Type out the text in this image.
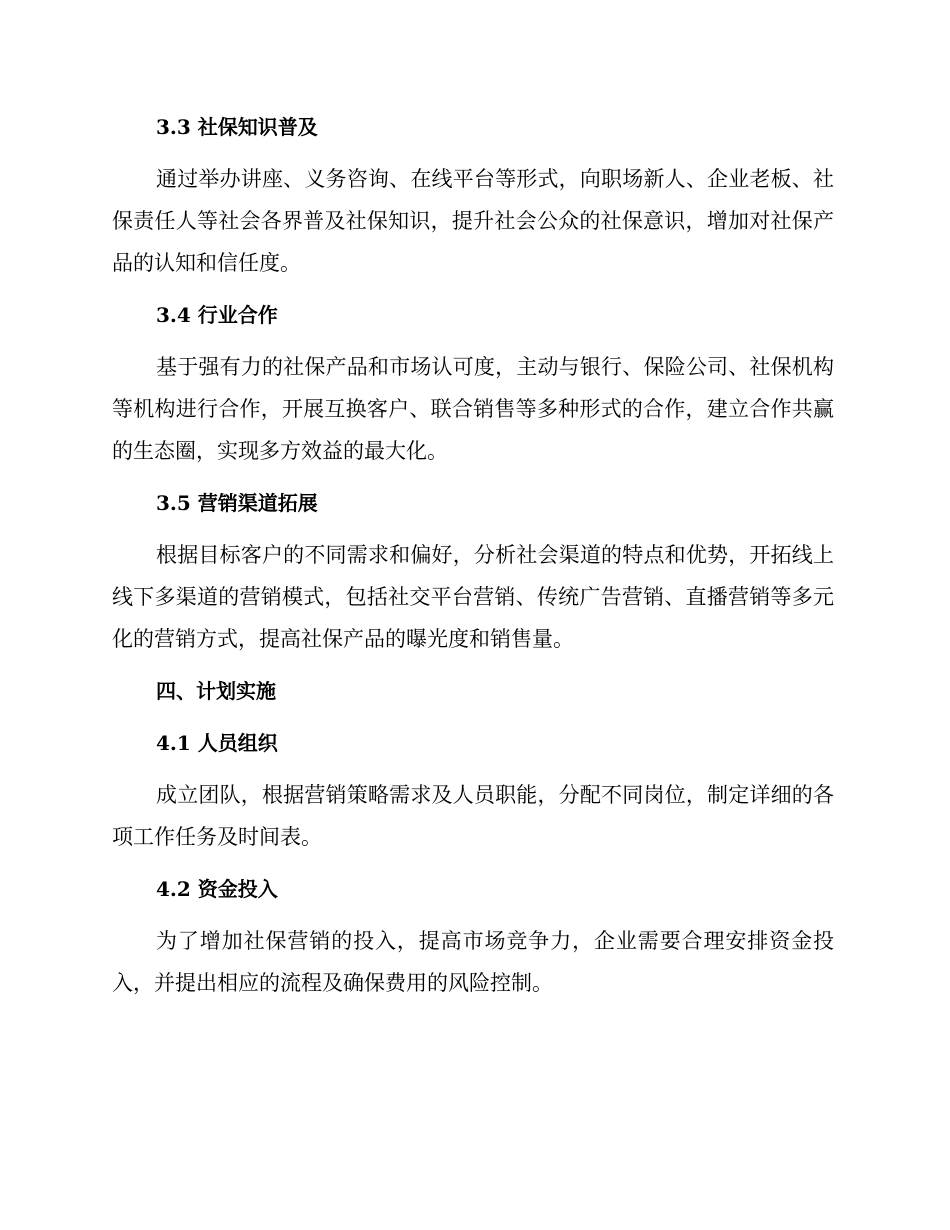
3.3 社保知识普及

通过举办讲座、义务咨询、在线平台等形式，向职场新人、企业老板、社保责任人等社会各界普及社保知识，提升社会公众的社保意识，增加对社保产品的认知和信任度。

3.4 行业合作

基于强有力的社保产品和市场认可度，主动与银行、保险公司、社保机构等机构进行合作，开展互换客户、联合销售等多种形式的合作，建立合作共赢的生态圈，实现多方效益的最大化。

3.5 营销渠道拓展

根据目标客户的不同需求和偏好，分析社会渠道的特点和优势，开拓线上线下多渠道的营销模式，包括社交平台营销、传统广告营销、直播营销等多元化的营销方式，提高社保产品的曝光度和销售量。

四、计划实施
4.1 人员组织

成立团队，根据营销策略需求及人员职能，分配不同岗位，制定详细的各项工作任务及时间表。

4.2 资金投入

为了增加社保营销的投入，提高市场竞争力，企业需要合理安排资金投入，并提出相应的流程及确保费用的风险控制。
